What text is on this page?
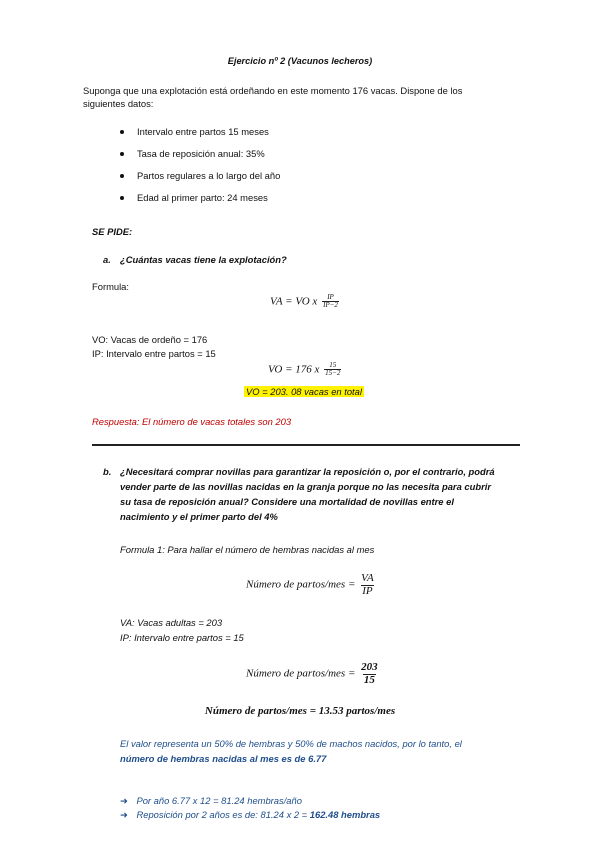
Ejercicio nº 2 (Vacunos lecheros)
Suponga que una explotación está ordeñando en este momento 176 vacas. Dispone de los
siguientes datos:
Intervalo entre partos 15 meses
Tasa de reposición anual: 35%
Partos regulares a lo largo del año
Edad al primer parto: 24 meses
SE PIDE:
a. ¿Cuántas vacas tiene la explotación?
Formula:
VA = VO x $\frac{IP}{IP-2}$
VO: Vacas de ordeño = 176
IP: Intervalo entre partos = 15
VO = 176 x $\frac{15}{15-2}$
VO = 203. 08 vacas en total
Respuesta: El número de vacas totales son 203
b. ¿Necesitará comprar novillas para garantizar la reposición o, por el contrario, podrá
vender parte de las novillas nacidas en la granja porque no las necesita para cubrir
su tasa de reposición anual? Considere una mortalidad de novillas entre el
nacimiento y el primer parto del 4%
Formula 1: Para hallar el número de hembras nacidas al mes
Número de partos/mes = $\frac{VA}{IP}$
VA: Vacas adultas = 203
IP: Intervalo entre partos = 15
Número de partos/mes = $\frac{203}{15}$
Número de partos/mes = 13.53 partos/mes
El valor representa un 50% de hembras y 50% de machos nacidos, por lo tanto, el
número de hembras nacidas al mes es de 6.77
➜ Por año 6.77 x 12 = 81.24 hembras/año
➜ Reposición por 2 años es de: 81.24 x 2 = 162.48 hembras
